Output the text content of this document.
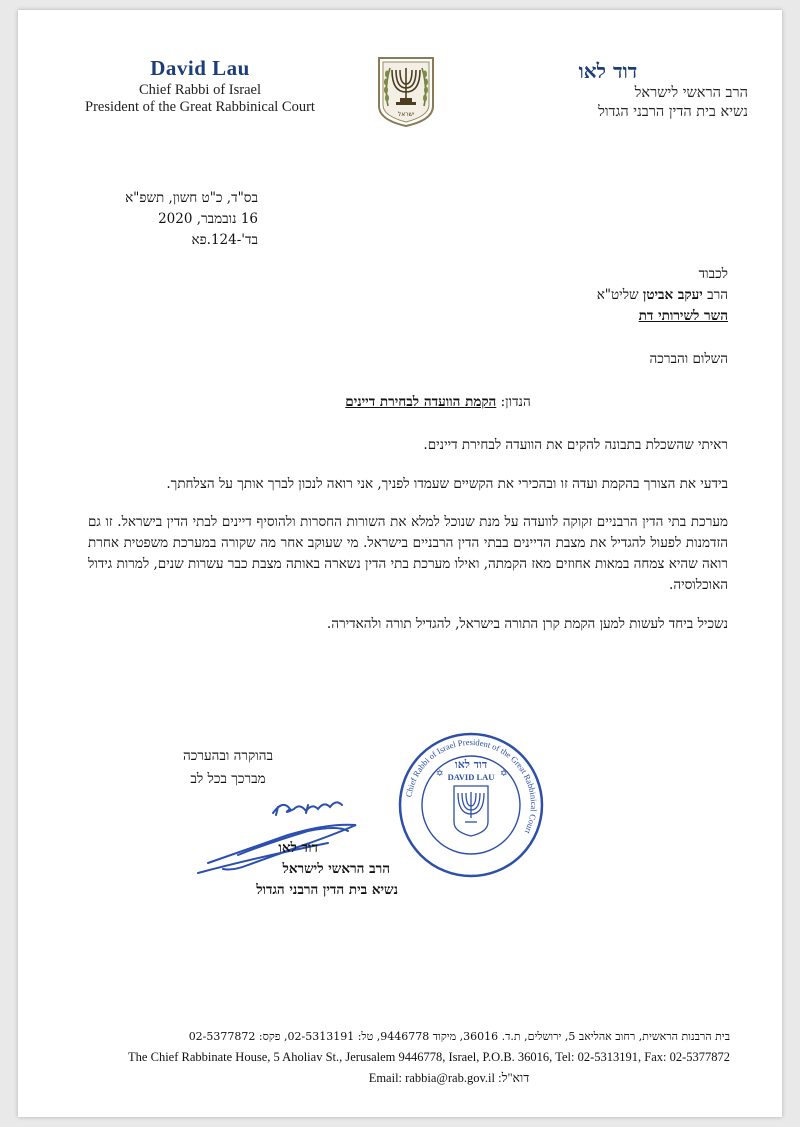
David Lau
Chief Rabbi of Israel
President of the Great Rabbinical Court	ישראל
דוד לאו
הרב הראשי לישראל
נשיא בית הדין הרבני הגדול
בס"ד, כ"ט חשון, תשפ"א
16 נובמבר, 2020
בד'-124.פא
לכבוד
הרב יעקב אביטן שליט"א
השר לשירותי דת
השלום והברכה
הנדון: הקמת הוועדה לבחירת דיינים

ראיתי שהשכלת בתבונה להקים את הוועדה לבחירת דיינים.

בידעי את הצורך בהקמת ועדה זו ובהכירי את הקשיים שעמדו לפניך, אני רואה לנכון לברך אותך על הצלחתך.

מערכת בתי הדין הרבניים זקוקה לוועדה על מנת שנוכל למלא את השורות החסרות ולהוסיף דיינים לבתי הדין בישראל. זו גם הזדמנות לפעול להגדיל את מצבת הדיינים בבתי הדין הרבניים בישראל. מי שעוקב אחר מה שקורה במערכת משפטית אחרת רואה שהיא צמחה במאות אחוזים מאז הקמתה, ואילו מערכת בתי הדין נשארה באותה מצבת כבר עשרות שנים, למרות גידול האוכלוסיה.

נשכיל ביחד לעשות למען הקמת קרן התורה בישראל, להגדיל תורה ולהאדירה.

בהוקרה ובהערכה
מברכך בכל לב
דוד לאו
הרב הראשי לישראל
נשיא בית הדין הרבני הגדול
Chief Rabbi of Israel President of the Great Rabbinical Court
דוד לאו
DAVID LAU
✡	✡
בית הרבנות הראשית, רחוב אהליאב 5, ירושלים, ת.ד. 36016, מיקוד 9446778, טל: 02-5313191, פקס: 02-5377872
The Chief Rabbinate House, 5 Aholiav St., Jerusalem 9446778, Israel, P.O.B. 36016, Tel: 02-5313191, Fax: 02-5377872
Email: rabbia@rab.gov.il :דוא"ל
